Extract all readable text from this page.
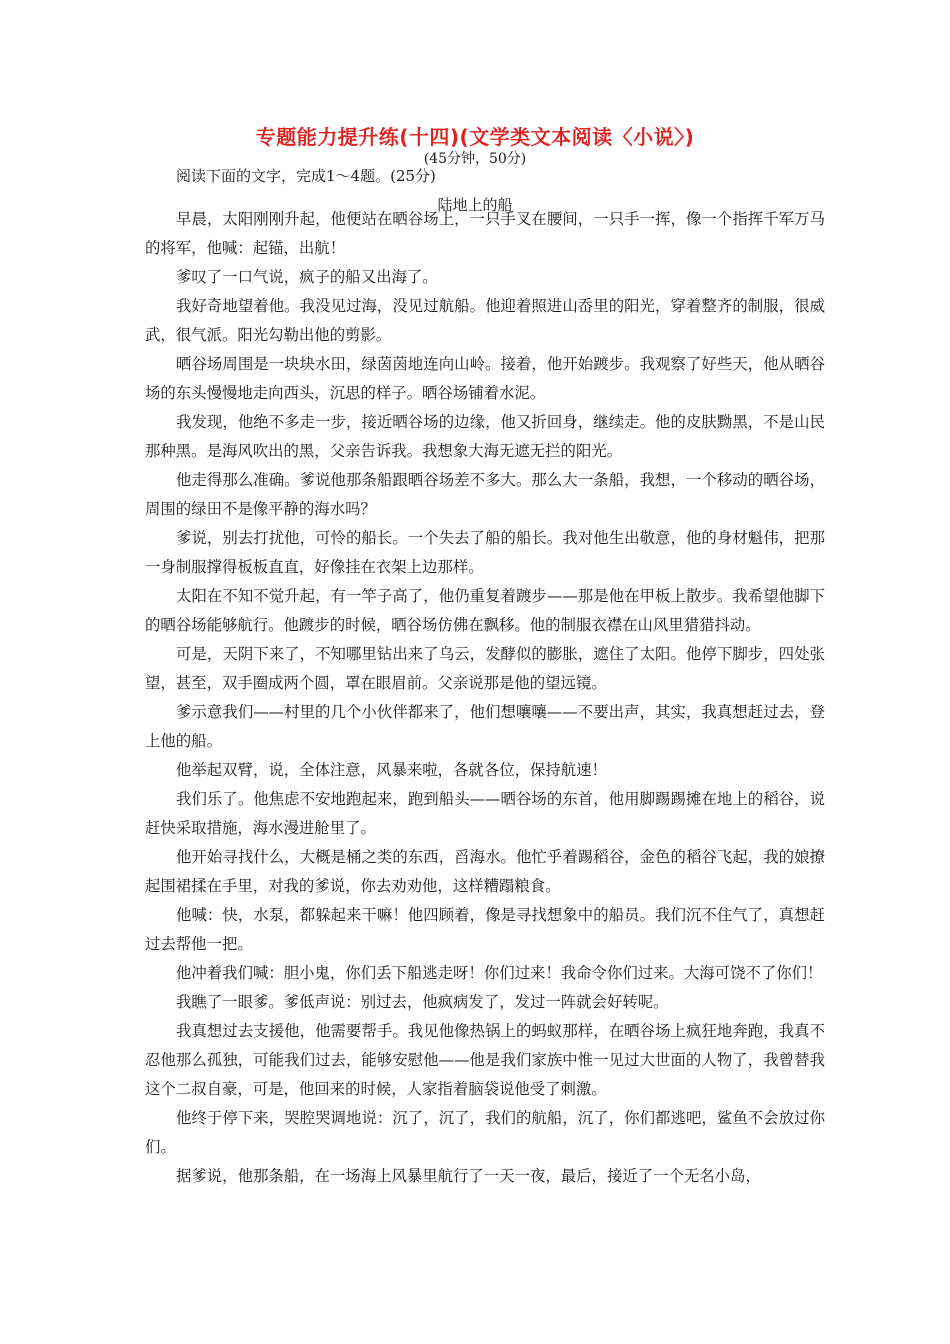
专题能力提升练(十四)(文学类文本阅读〈小说〉)
(45分钟，50分)
阅读下面的文字，完成1～4题。(25分)
陆地上的船

早晨，太阳刚刚升起，他便站在晒谷场上，一只手叉在腰间，一只手一挥，像一个指挥千军万马的将军，他喊：起锚，出航！

爹叹了一口气说，疯子的船又出海了。

我好奇地望着他。我没见过海，没见过航船。他迎着照进山岙里的阳光，穿着整齐的制服，很威武，很气派。阳光勾勒出他的剪影。

晒谷场周围是一块块水田，绿茵茵地连向山岭。接着，他开始踱步。我观察了好些天，他从晒谷场的东头慢慢地走向西头，沉思的样子。晒谷场铺着水泥。

我发现，他绝不多走一步，接近晒谷场的边缘，他又折回身，继续走。他的皮肤黝黑，不是山民那种黑。是海风吹出的黑，父亲告诉我。我想象大海无遮无拦的阳光。

他走得那么准确。爹说他那条船跟晒谷场差不多大。那么大一条船，我想，一个移动的晒谷场，周围的绿田不是像平静的海水吗？

爹说，别去打扰他，可怜的船长。一个失去了船的船长。我对他生出敬意，他的身材魁伟，把那一身制服撑得板板直直，好像挂在衣架上边那样。

太阳在不知不觉升起，有一竿子高了，他仍重复着踱步——那是他在甲板上散步。我希望他脚下的晒谷场能够航行。他踱步的时候，晒谷场仿佛在飘移。他的制服衣襟在山风里猎猎抖动。

可是，天阴下来了，不知哪里钻出来了乌云，发酵似的膨胀，遮住了太阳。他停下脚步，四处张望，甚至，双手圈成两个圆，罩在眼眉前。父亲说那是他的望远镜。

爹示意我们——村里的几个小伙伴都来了，他们想嚷嚷——不要出声，其实，我真想赶过去，登上他的船。

他举起双臂，说，全体注意，风暴来啦，各就各位，保持航速！

我们乐了。他焦虑不安地跑起来，跑到船头——晒谷场的东首，他用脚踢踢摊在地上的稻谷，说赶快采取措施，海水漫进舱里了。

他开始寻找什么，大概是桶之类的东西，舀海水。他忙乎着踢稻谷，金色的稻谷飞起，我的娘撩起围裙揉在手里，对我的爹说，你去劝劝他，这样糟蹋粮食。

他喊：快，水泵，都躲起来干嘛！他四顾着，像是寻找想象中的船员。我们沉不住气了，真想赶过去帮他一把。

他冲着我们喊：胆小鬼，你们丢下船逃走呀！你们过来！我命令你们过来。大海可饶不了你们！

我瞧了一眼爹。爹低声说：别过去，他疯病发了，发过一阵就会好转呢。

我真想过去支援他，他需要帮手。我见他像热锅上的蚂蚁那样，在晒谷场上疯狂地奔跑，我真不忍他那么孤独，可能我们过去，能够安慰他——他是我们家族中惟一见过大世面的人物了，我曾替我这个二叔自豪，可是，他回来的时候，人家指着脑袋说他受了刺激。

他终于停下来，哭腔哭调地说：沉了，沉了，我们的航船，沉了，你们都逃吧，鲨鱼不会放过你们。

据爹说，他那条船，在一场海上风暴里航行了一天一夜，最后，接近了一个无名小岛，
